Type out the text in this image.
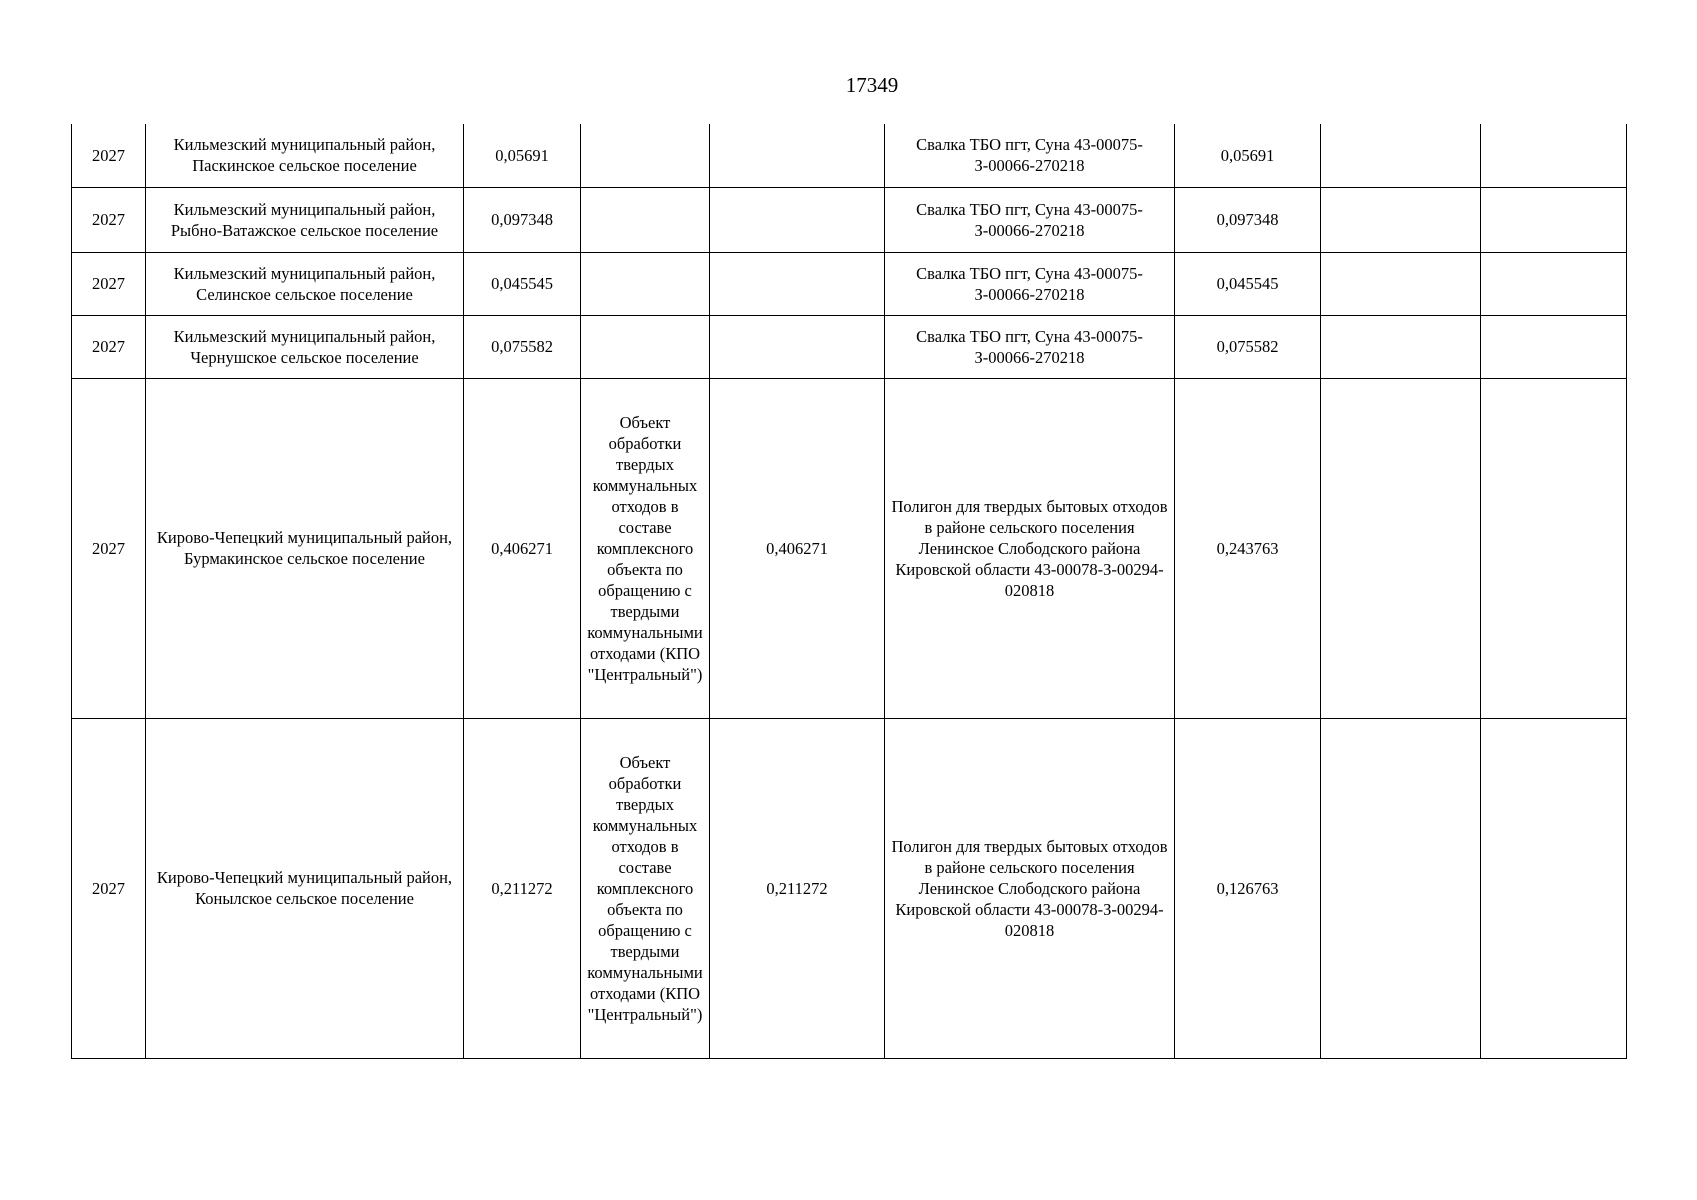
17349
2027	Кильмезский муниципальный район, Паскинское сельское поселение	0,05691			Свалка ТБО пгт, Суна 43-00075-З-00066-270218	0,05691		
2027	Кильмезский муниципальный район, Рыбно-Ватажское сельское поселение	0,097348			Свалка ТБО пгт, Суна 43-00075-З-00066-270218	0,097348		
2027	Кильмезский муниципальный район, Селинское сельское поселение	0,045545			Свалка ТБО пгт, Суна 43-00075-З-00066-270218	0,045545		
2027	Кильмезский муниципальный район, Чернушское сельское поселение	0,075582			Свалка ТБО пгт, Суна 43-00075-З-00066-270218	0,075582		
2027	Кирово-Чепецкий муниципальный район, Бурмакинское сельское поселение	0,406271	Объект обработки твердых коммунальных отходов в составе комплексного объекта по обращению с твердыми коммунальными отходами (КПО "Центральный")	0,406271	Полигон для твердых бытовых отходов в районе сельского поселения Ленинское Слободского района Кировской области 43-00078-З-00294-020818	0,243763		
2027	Кирово-Чепецкий муниципальный район, Конылское сельское поселение	0,211272	Объект обработки твердых коммунальных отходов в составе комплексного объекта по обращению с твердыми коммунальными отходами (КПО "Центральный")	0,211272	Полигон для твердых бытовых отходов в районе сельского поселения Ленинское Слободского района Кировской области 43-00078-З-00294-020818	0,126763		
